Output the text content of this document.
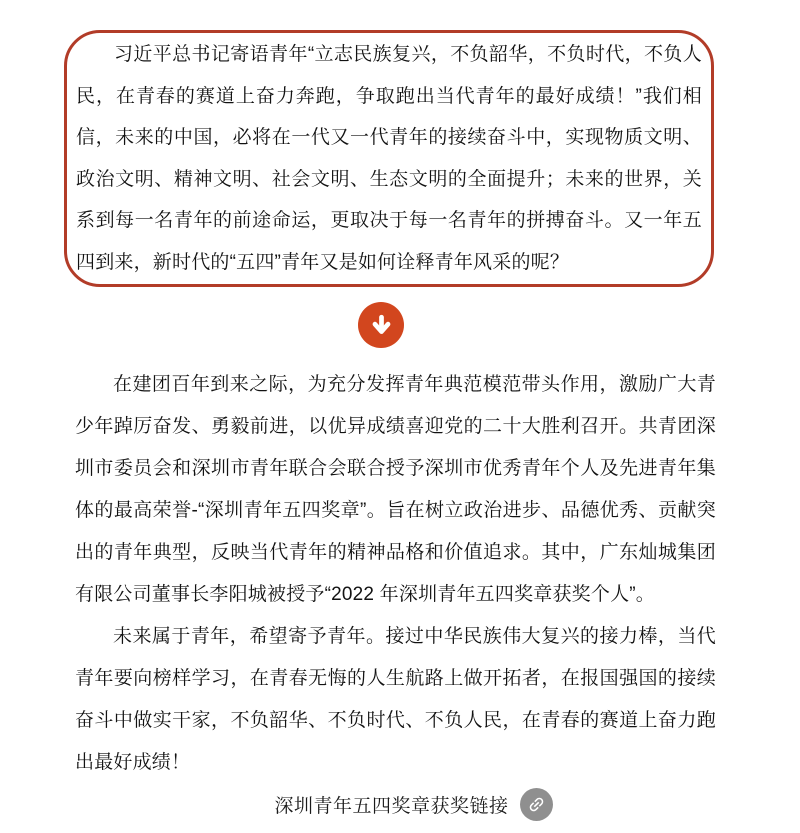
习近平总书记寄语青年“立志民族复兴，不负韶华，不负时代，不负人民，在青春的赛道上奋力奔跑，争取跑出当代青年的最好成绩！”我们相信，未来的中国，必将在一代又一代青年的接续奋斗中，实现物质文明、政治文明、精神文明、社会文明、生态文明的全面提升；未来的世界，关系到每一名青年的前途命运，更取决于每一名青年的拼搏奋斗。又一年五四到来，新时代的“五四”青年又是如何诠释青年风采的呢？

在建团百年到来之际，为充分发挥青年典范模范带头作用，激励广大青少年踔厉奋发、勇毅前进，以优异成绩喜迎党的二十大胜利召开。共青团深圳市委员会和深圳市青年联合会联合授予深圳市优秀青年个人及先进青年集体的最高荣誉-“深圳青年五四奖章”。旨在树立政治进步、品德优秀、贡献突出的青年典型，反映当代青年的精神品格和价值追求。其中，广东灿城集团有限公司董事长李阳城被授予“2022 年深圳青年五四奖章获奖个人”。

未来属于青年，希望寄予青年。接过中华民族伟大复兴的接力棒，当代青年要向榜样学习，在青春无悔的人生航路上做开拓者，在报国强国的接续奋斗中做实干家，不负韶华、不负时代、不负人民，在青春的赛道上奋力跑出最好成绩！

深圳青年五四奖章获奖链接
